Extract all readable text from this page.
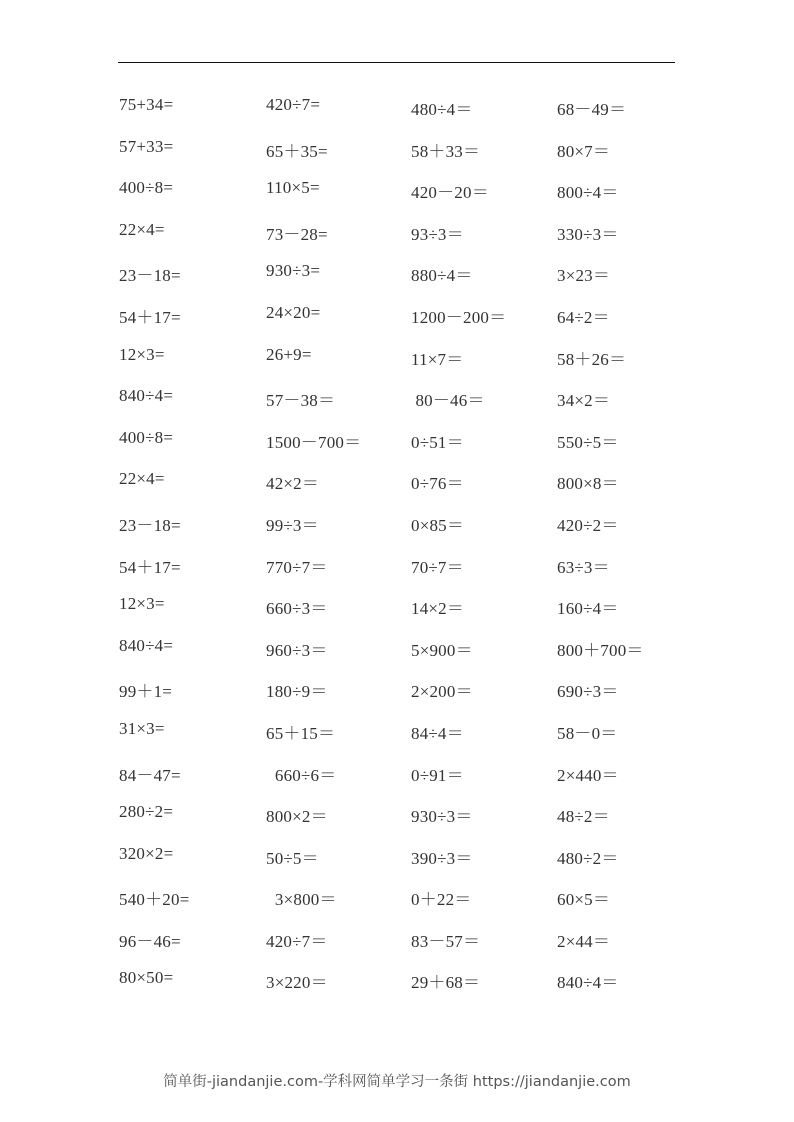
75+34=	420÷7=	480÷4＝	68－49＝
57+33=	65＋35=	58＋33＝	80×7＝
400÷8=	110×5=	420－20＝	800÷4＝
22×4=	73－28=	93÷3＝	330÷3＝
23－18=	930÷3=	880÷4＝	3×23＝
54＋17=	24×20=	1200－200＝	64÷2＝
12×3=	26+9=	11×7＝	58＋26＝
840÷4=	57－38＝	80－46＝	34×2＝
400÷8=	1500－700＝	0÷51＝	550÷5＝
22×4=	42×2＝	0÷76＝	800×8＝
23－18=	99÷3＝	0×85＝	420÷2＝
54＋17=	770÷7＝	70÷7＝	63÷3＝
12×3=	660÷3＝	14×2＝	160÷4＝
840÷4=	960÷3＝	5×900＝	800＋700＝
99＋1=	180÷9＝	2×200＝	690÷3＝
31×3=	65＋15＝	84÷4＝	58－0＝
84－47=	660÷6＝	0÷91＝	2×440＝
280÷2=	800×2＝	930÷3＝	48÷2＝
320×2=	50÷5＝	390÷3＝	480÷2＝
540＋20=	3×800＝	0＋22＝	60×5＝
96－46=	420÷7＝	83－57＝	2×44＝
80×50=	3×220＝	29＋68＝	840÷4＝
简单街-jiandanjie.com-学科网简单学习一条街 https://jiandanjie.com
